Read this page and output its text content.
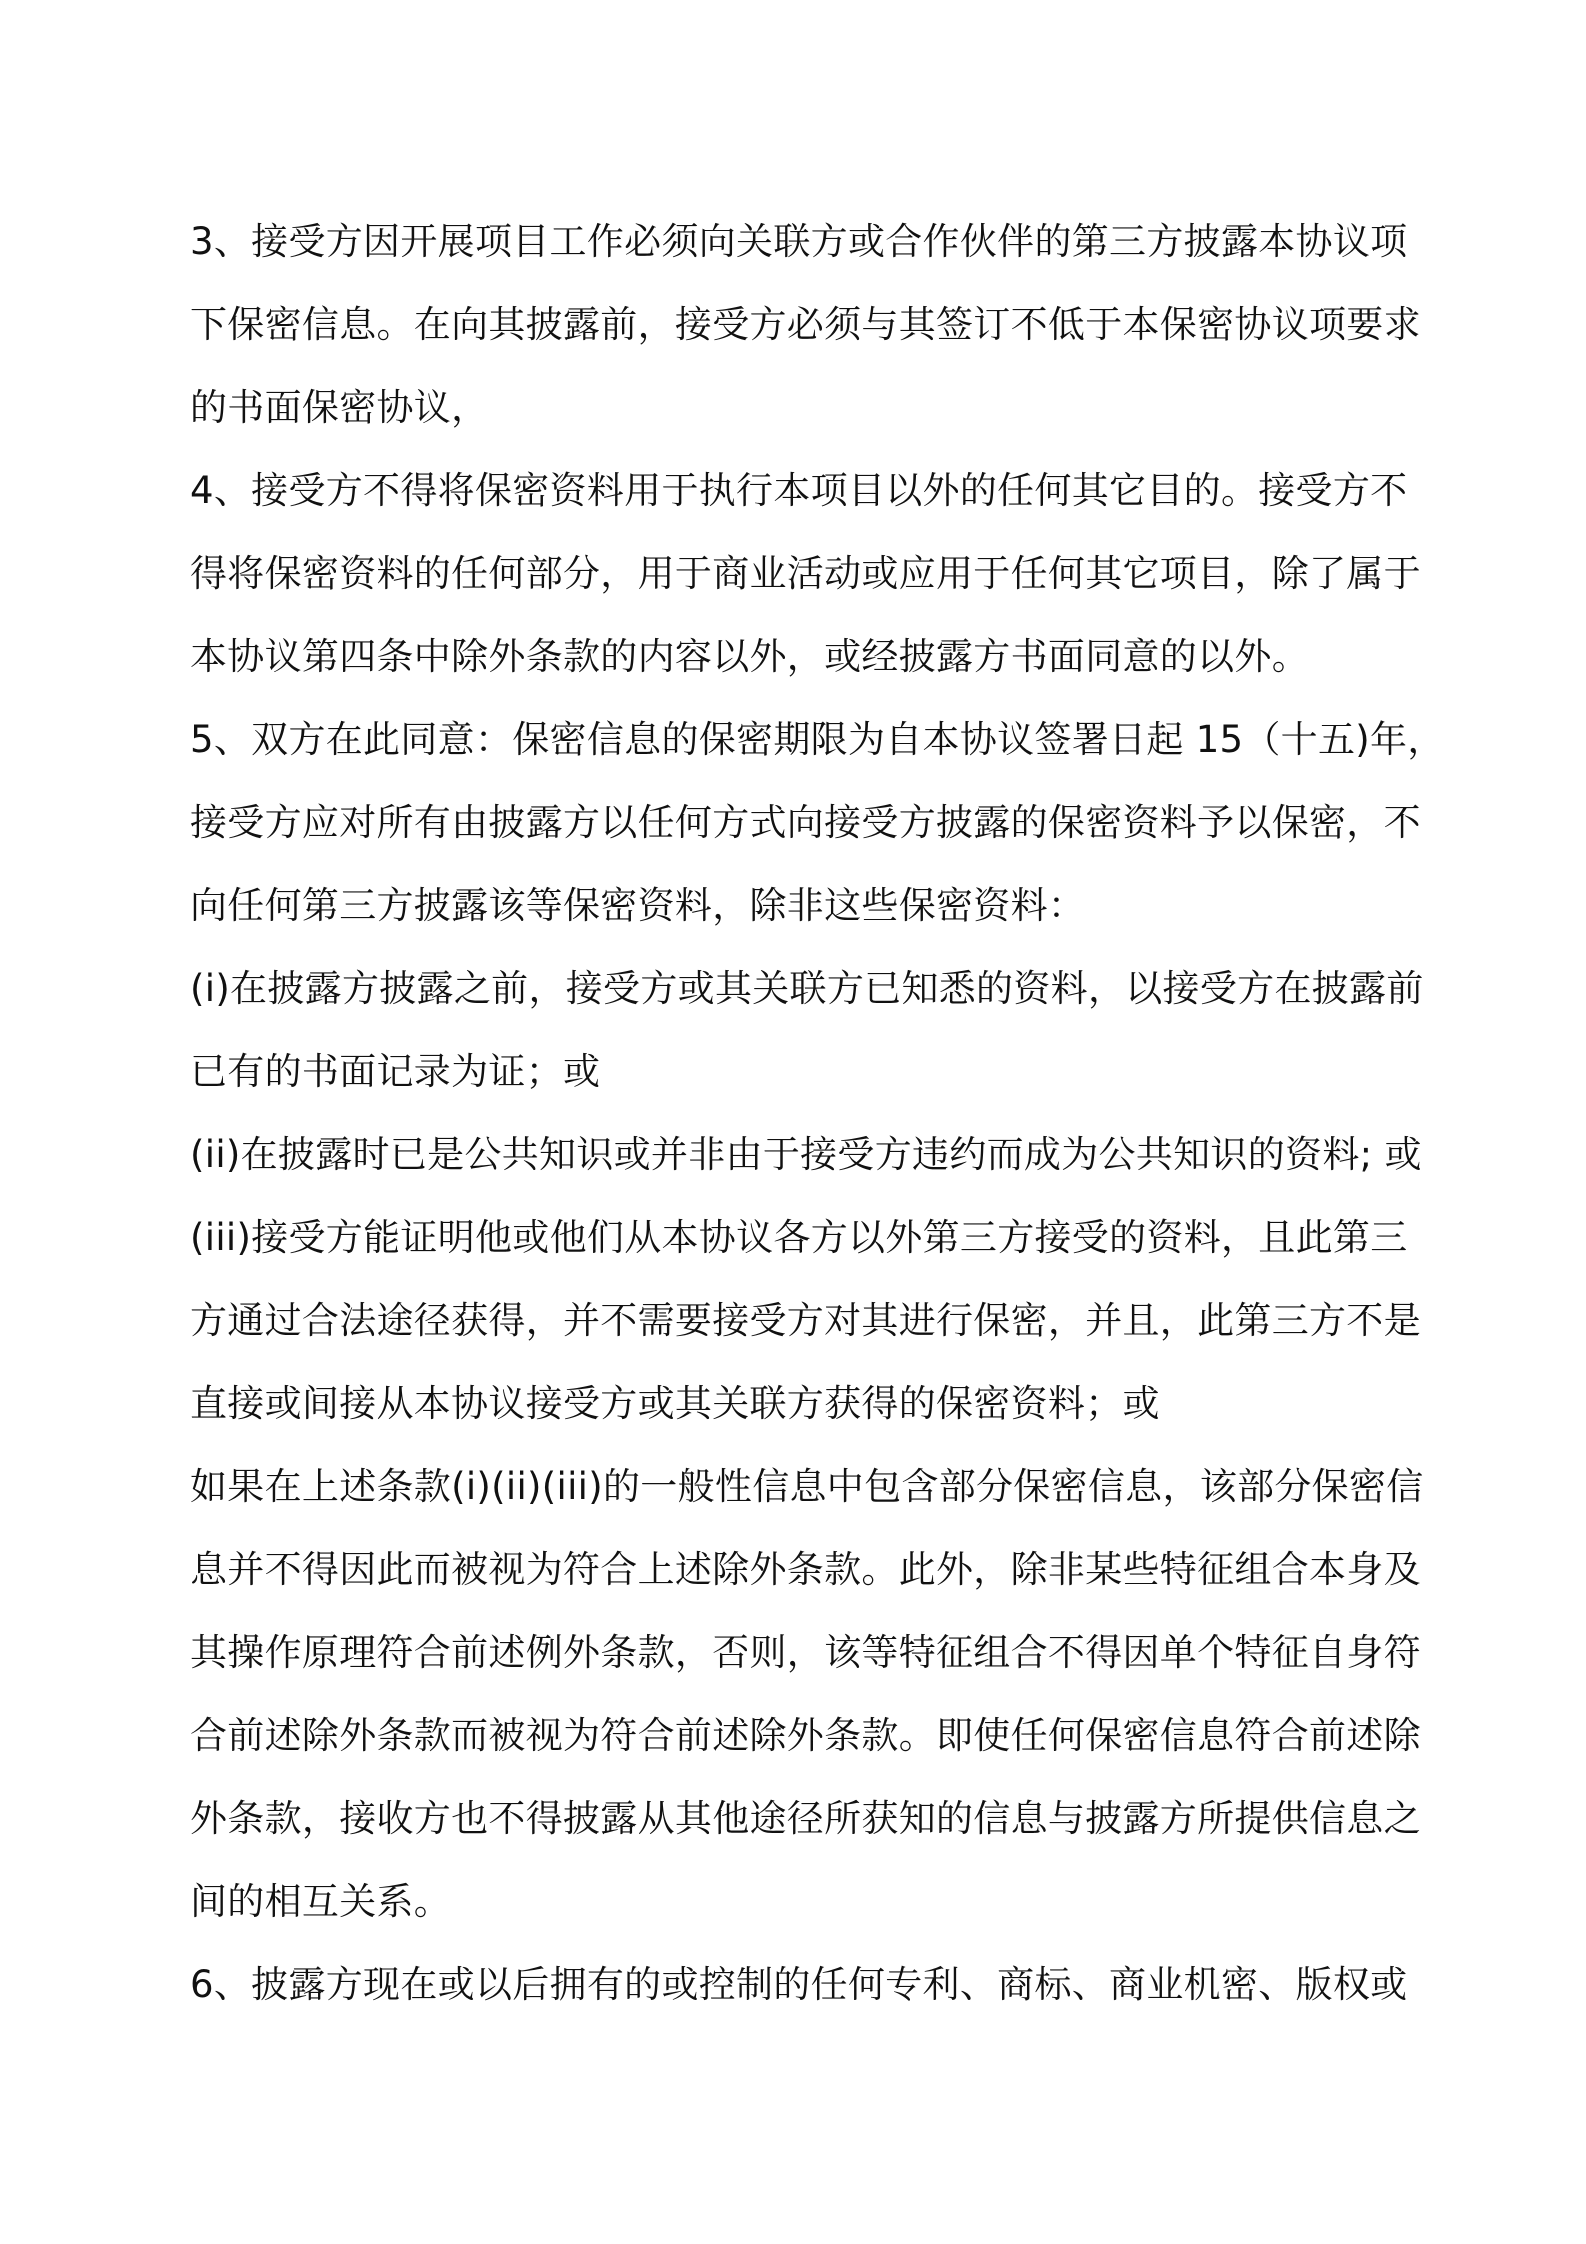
3、接受方因开展项目工作必须向关联方或合作伙伴的第三方披露本协议项
下保密信息。在向其披露前，接受方必须与其签订不低于本保密协议项要求
的书面保密协议，
4、接受方不得将保密资料用于执行本项目以外的任何其它目的。接受方不
得将保密资料的任何部分，用于商业活动或应用于任何其它项目，除了属于
本协议第四条中除外条款的内容以外，或经披露方书面同意的以外。
5、双方在此同意：保密信息的保密期限为自本协议签署日起 15（十五)年，
接受方应对所有由披露方以任何方式向接受方披露的保密资料予以保密，不
向任何第三方披露该等保密资料，除非这些保密资料：
(i)在披露方披露之前，接受方或其关联方已知悉的资料，以接受方在披露前
已有的书面记录为证；或
(ii)在披露时已是公共知识或并非由于接受方违约而成为公共知识的资料; 或
(iii)接受方能证明他或他们从本协议各方以外第三方接受的资料，且此第三
方通过合法途径获得，并不需要接受方对其进行保密，并且，此第三方不是
直接或间接从本协议接受方或其关联方获得的保密资料；或
如果在上述条款(i)(ii)(iii)的一般性信息中包含部分保密信息，该部分保密信
息并不得因此而被视为符合上述除外条款。此外，除非某些特征组合本身及
其操作原理符合前述例外条款，否则，该等特征组合不得因单个特征自身符
合前述除外条款而被视为符合前述除外条款。即使任何保密信息符合前述除
外条款，接收方也不得披露从其他途径所获知的信息与披露方所提供信息之
间的相互关系。
6、披露方现在或以后拥有的或控制的任何专利、商标、商业机密、版权或
